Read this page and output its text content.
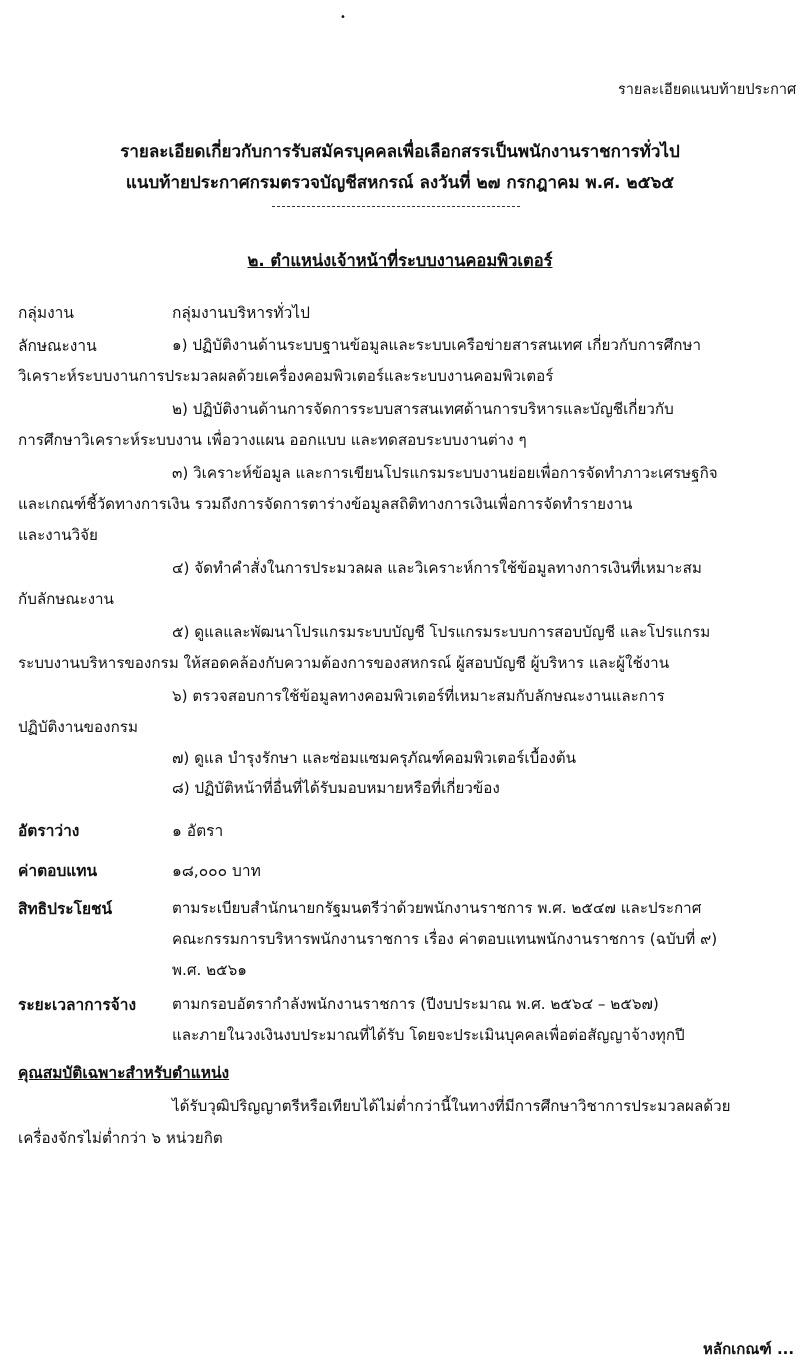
•
รายละเอียดแนบท้ายประกาศ
รายละเอียดเกี่ยวกับการรับสมัครบุคคลเพื่อเลือกสรรเป็นพนักงานราชการทั่วไป
แนบท้ายประกาศกรมตรวจบัญชีสหกรณ์ ลงวันที่ ๒๗ กรกฎาคม พ.ศ. ๒๕๖๕
๒. ตำแหน่งเจ้าหน้าที่ระบบงานคอมพิวเตอร์
กลุ่มงาน	กลุ่มงานบริหารทั่วไป
ลักษณะงาน	๑) ปฏิบัติงานด้านระบบฐานข้อมูลและระบบเครือข่ายสารสนเทศ เกี่ยวกับการศึกษา
วิเคราะห์ระบบงานการประมวลผลด้วยเครื่องคอมพิวเตอร์และระบบงานคอมพิวเตอร์
๒) ปฏิบัติงานด้านการจัดการระบบสารสนเทศด้านการบริหารและบัญชีเกี่ยวกับ
การศึกษาวิเคราะห์ระบบงาน เพื่อวางแผน ออกแบบ และทดสอบระบบงานต่าง ๆ
๓) วิเคราะห์ข้อมูล และการเขียนโปรแกรมระบบงานย่อยเพื่อการจัดทำภาวะเศรษฐกิจ
และเกณฑ์ชี้วัดทางการเงิน รวมถึงการจัดการตาร่างข้อมูลสถิติทางการเงินเพื่อการจัดทำรายงาน
และงานวิจัย
๔) จัดทำคำสั่งในการประมวลผล และวิเคราะห์การใช้ข้อมูลทางการเงินที่เหมาะสม
กับลักษณะงาน
๕) ดูแลและพัฒนาโปรแกรมระบบบัญชี โปรแกรมระบบการสอบบัญชี และโปรแกรม
ระบบงานบริหารของกรม ให้สอดคล้องกับความต้องการของสหกรณ์ ผู้สอบบัญชี ผู้บริหาร และผู้ใช้งาน
๖) ตรวจสอบการใช้ข้อมูลทางคอมพิวเตอร์ที่เหมาะสมกับลักษณะงานและการ
ปฏิบัติงานของกรม
๗) ดูแล บำรุงรักษา และซ่อมแซมครุภัณฑ์คอมพิวเตอร์เบื้องต้น
๘) ปฏิบัติหน้าที่อื่นที่ได้รับมอบหมายหรือที่เกี่ยวข้อง
อัตราว่าง	๑ อัตรา
ค่าตอบแทน	๑๘,๐๐๐ บาท
สิทธิประโยชน์	ตามระเบียบสำนักนายกรัฐมนตรีว่าด้วยพนักงานราชการ พ.ศ. ๒๕๔๗ และประกาศ
คณะกรรมการบริหารพนักงานราชการ เรื่อง ค่าตอบแทนพนักงานราชการ (ฉบับที่ ๙)
พ.ศ. ๒๕๖๑
ระยะเวลาการจ้าง ตามกรอบอัตรากำลังพนักงานราชการ (ปีงบประมาณ พ.ศ. ๒๕๖๔ – ๒๕๖๗)
และภายในวงเงินงบประมาณที่ได้รับ โดยจะประเมินบุคคลเพื่อต่อสัญญาจ้างทุกปี
คุณสมบัติเฉพาะสำหรับตำแหน่ง
ได้รับวุฒิปริญญาตรีหรือเทียบได้ไม่ต่ำกว่านี้ในทางที่มีการศึกษาวิชาการประมวลผลด้วย
เครื่องจักรไม่ต่ำกว่า ๖ หน่วยกิต
หลักเกณฑ์ ...
